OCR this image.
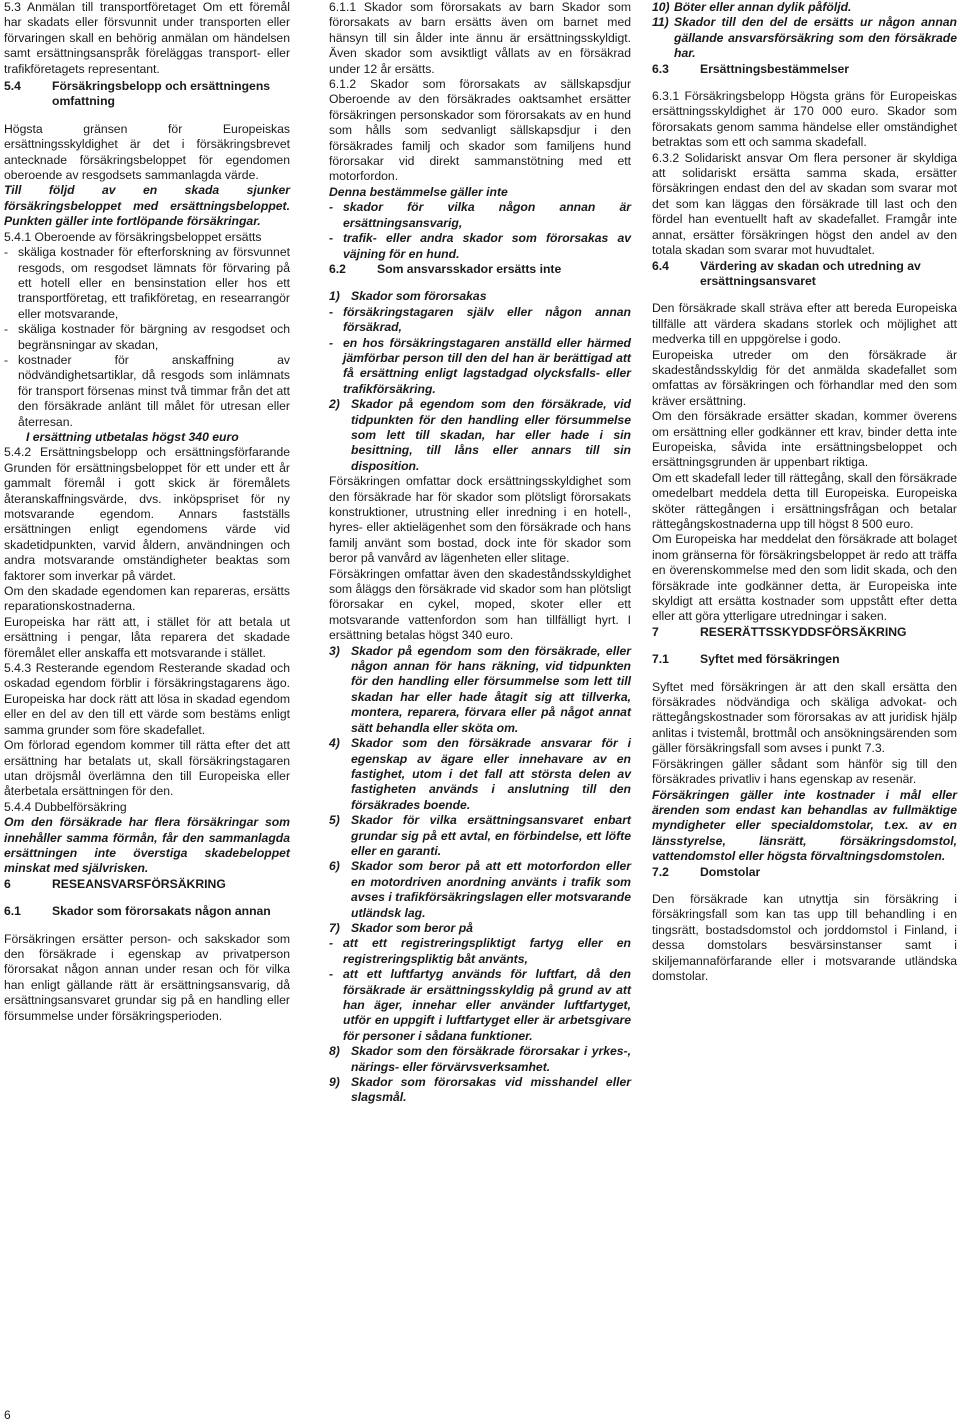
5.3 Anmälan till transportföretaget Om ett föremål har skadats eller försvunnit under transporten eller förvaringen skall en behörig anmälan om händelsen samt ersättningsanspråk föreläggas transport- eller trafikföretagets representant.

5.4	Försäkringsbelopp och ersättningens omfattning

Högsta gränsen för Europeiskas ersättningsskyldighet är det i försäkringsbrevet antecknade försäkringsbeloppet för egendomen oberoende av resgodsets sammanlagda värde.

Till följd av en skada sjunker försäkringsbeloppet med ersättningsbeloppet. Punkten gäller inte fortlöpande försäkringar.

5.4.1 Oberoende av försäkringsbeloppet ersätts

- skäliga kostnader för efterforskning av försvunnet resgods, om resgodset lämnats för förvaring på ett hotell eller en bensinstation eller hos ett transportföretag, ett trafikföretag, en researrangör eller motsvarande,
- skäliga kostnader för bärgning av resgodset och begränsningar av skadan,
- kostnader för anskaffning av nödvändighetsartiklar, då resgods som inlämnats för transport försenas minst två timmar från det att den försäkrade anlänt till målet för utresan eller återresan.

I ersättning utbetalas högst 340 euro

5.4.2 Ersättningsbelopp och ersättningsförfarande Grunden för ersättningsbeloppet för ett under ett år gammalt föremål i gott skick är föremålets återanskaffningsvärde, dvs. inköpspriset för ny motsvarande egendom. Annars fastställs ersättningen enligt egendomens värde vid skadetidpunkten, varvid åldern, användningen och andra motsvarande omständigheter beaktas som faktorer som inverkar på värdet.

Om den skadade egendomen kan repareras, ersätts reparationskostnaderna.

Europeiska har rätt att, i stället för att betala ut ersättning i pengar, låta reparera det skadade föremålet eller anskaffa ett motsvarande i stället.

5.4.3 Resterande egendom Resterande skadad och oskadad egendom förblir i försäkringstagarens ägo. Europeiska har dock rätt att lösa in skadad egendom eller en del av den till ett värde som bestäms enligt samma grunder som före skadefallet.

Om förlorad egendom kommer till rätta efter det att ersättning har betalats ut, skall försäkringstagaren utan dröjsmål överlämna den till Europeiska eller återbetala ersättningen för den.

5.4.4 Dubbelförsäkring

Om den försäkrade har flera försäkringar som innehåller samma förmån, får den sammanlagda ersättningen inte överstiga skadebeloppet minskat med självrisken.

6	RESEANSVARSFÖRSÄKRING
6.1	Skador som förorsakats någon annan

Försäkringen ersätter person- och sakskador som den försäkrade i egenskap av privatperson förorsakat någon annan under resan och för vilka han enligt gällande rätt är ersättningsansvarig, då ersättningsansvaret grundar sig på en handling eller försummelse under försäkringsperioden.

6.1.1 Skador som förorsakats av barn Skador som förorsakats av barn ersätts även om barnet med hänsyn till sin ålder inte ännu är ersättningsskyldigt. Även skador som avsiktligt vållats av en försäkrad under 12 år ersätts.

6.1.2 Skador som förorsakats av sällskapsdjur Oberoende av den försäkrades oaktsamhet ersätter försäkringen personskador som förorsakats av en hund som hålls som sedvanligt sällskapsdjur i den försäkrades familj och skador som familjens hund förorsakar vid direkt sammanstötning med ett motorfordon.

Denna bestämmelse gäller inte

- skador för vilka någon annan är ersättningsansvarig,
- trafik- eller andra skador som förorsakas av väjning för en hund.
6.2	Som ansvarsskador ersätts inte
1) Skador som förorsakas
- försäkringstagaren själv eller någon annan försäkrad,
- en hos försäkringstagaren anställd eller härmed jämförbar person till den del han är berättigad att få ersättning enligt lagstadgad olycksfalls- eller trafikförsäkring.
2) Skador på egendom som den försäkrade, vid tidpunkten för den handling eller försummelse som lett till skadan, har eller hade i sin besittning, till låns eller annars till sin disposition.

Försäkringen omfattar dock ersättningsskyldighet som den försäkrade har för skador som plötsligt förorsakats konstruktioner, utrustning eller inredning i en hotell-, hyres- eller aktielägenhet som den försäkrade och hans familj använt som bostad, dock inte för skador som beror på vanvård av lägenheten eller slitage.

Försäkringen omfattar även den skadeståndsskyldighet som åläggs den försäkrade vid skador som han plötsligt förorsakar en cykel, moped, skoter eller ett motsvarande vattenfordon som han tillfälligt hyrt. I ersättning betalas högst 340 euro.

3) Skador på egendom som den försäkrade, eller någon annan för hans räkning, vid tidpunkten för den handling eller försummelse som lett till skadan har eller hade åtagit sig att tillverka, montera, reparera, förvara eller på något annat sätt behandla eller sköta om.
4) Skador som den försäkrade ansvarar för i egenskap av ägare eller innehavare av en fastighet, utom i det fall att största delen av fastigheten används i anslutning till den försäkrades boende.
5) Skador för vilka ersättningsansvaret enbart grundar sig på ett avtal, en förbindelse, ett löfte eller en garanti.
6) Skador som beror på att ett motorfordon eller en motordriven anordning använts i trafik som avses i trafikförsäkringslagen eller motsvarande utländsk lag.
7) Skador som beror på
- att ett registreringspliktigt fartyg eller en registreringspliktig båt använts,
- att ett luftfartyg används för luftfart, då den försäkrade är ersättningsskyldig på grund av att han äger, innehar eller använder luftfartyget, utför en uppgift i luftfartyget eller är arbetsgivare för personer i sådana funktioner.
8) Skador som den försäkrade förorsakar i yrkes-, närings- eller förvärvsverksamhet.
9) Skador som förorsakas vid misshandel eller slagsmål.
10) Böter eller annan dylik påföljd.
11) Skador till den del de ersätts ur någon annan gällande ansvarsförsäkring som den försäkrade har.
6.3	Ersättningsbestämmelser

6.3.1 Försäkringsbelopp Högsta gräns för Europeiskas ersättningsskyldighet är 170 000 euro. Skador som förorsakats genom samma händelse eller omständighet betraktas som ett och samma skadefall.

6.3.2 Solidariskt ansvar Om flera personer är skyldiga att solidariskt ersätta samma skada, ersätter försäkringen endast den del av skadan som svarar mot det som kan läggas den försäkrade till last och den fördel han eventuellt haft av skadefallet. Framgår inte annat, ersätter försäkringen högst den andel av den totala skadan som svarar mot huvudtalet.

6.4	Värdering av skadan och utredning av ersättningsansvaret

Den försäkrade skall sträva efter att bereda Europeiska tillfälle att värdera skadans storlek och möjlighet att medverka till en uppgörelse i godo.

Europeiska utreder om den försäkrade är skadeståndsskyldig för det anmälda skadefallet som omfattas av försäkringen och förhandlar med den som kräver ersättning.

Om den försäkrade ersätter skadan, kommer överens om ersättning eller godkänner ett krav, binder detta inte Europeiska, såvida inte ersättningsbeloppet och ersättningsgrunden är uppenbart riktiga.

Om ett skadefall leder till rättegång, skall den försäkrade omedelbart meddela detta till Europeiska. Europeiska sköter rättegången i ersättningsfrågan och betalar rättegångskostnaderna upp till högst 8 500 euro.

Om Europeiska har meddelat den försäkrade att bolaget inom gränserna för försäkringsbeloppet är redo att träffa en överenskommelse med den som lidit skada, och den försäkrade inte godkänner detta, är Europeiska inte skyldigt att ersätta kostnader som uppstått efter detta eller att göra ytterligare utredningar i saken.

7	RESERÄTTSSKYDDSFÖRSÄKRING
7.1	Syftet med försäkringen

Syftet med försäkringen är att den skall ersätta den försäkrades nödvändiga och skäliga advokat- och rättegångskostnader som förorsakas av att juridisk hjälp anlitas i tvistemål, brottmål och ansökningsärenden som gäller försäkringsfall som avses i punkt 7.3.

Försäkringen gäller sådant som hänför sig till den försäkrades privatliv i hans egenskap av resenär.

Försäkringen gäller inte kostnader i mål eller ärenden som endast kan behandlas av fullmäktige myndigheter eller specialdomstolar, t.ex. av en länsstyrelse, länsrätt, försäkringsdomstol, vattendomstol eller högsta förvaltningsdomstolen.

7.2	Domstolar

Den försäkrade kan utnyttja sin försäkring i försäkringsfall som kan tas upp till behandling i en tingsrätt, bostadsdomstol och jorddomstol i Finland, i dessa domstolars besvärsinstanser samt i skiljemannaförfarande eller i motsvarande utländska domstolar.

6
